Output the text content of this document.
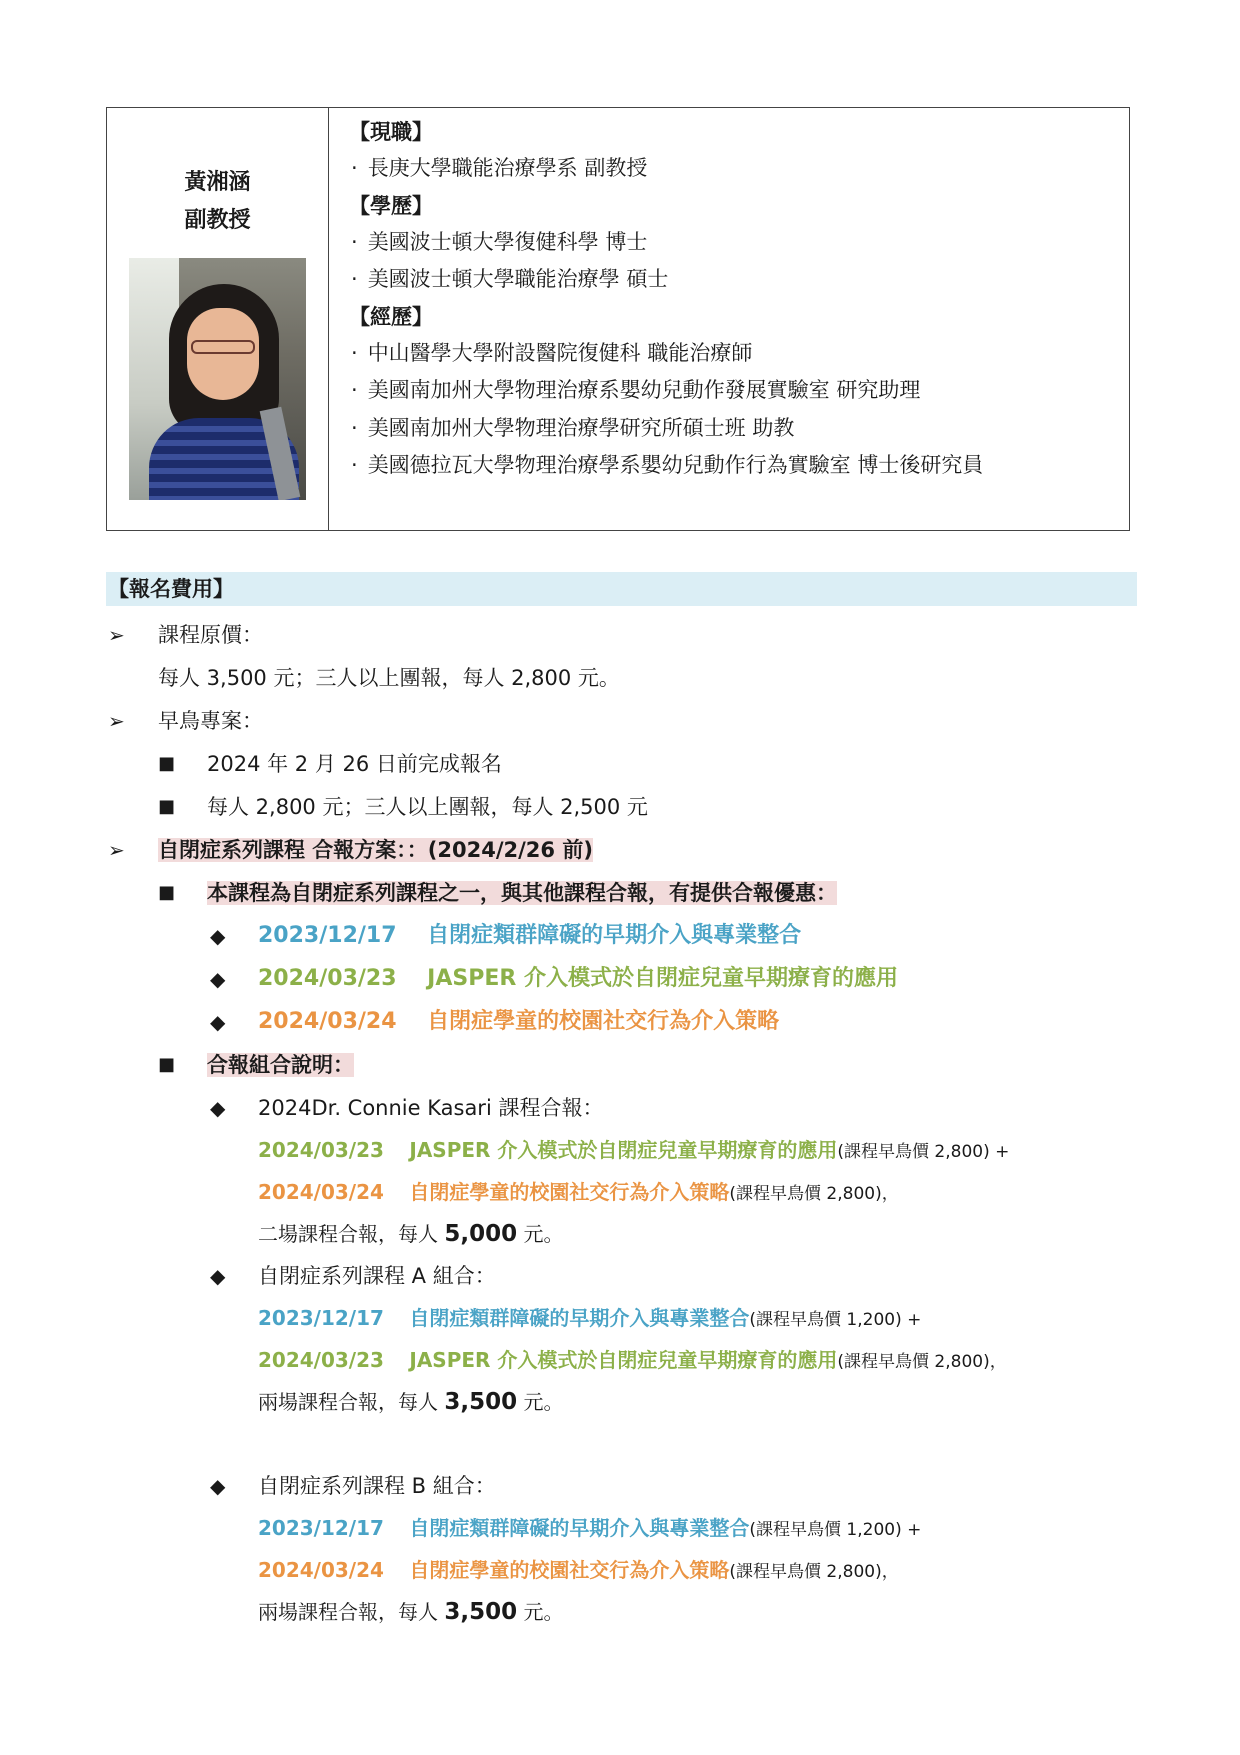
黃湘涵
副教授
【現職】
· 長庚大學職能治療學系 副教授
【學歷】
· 美國波士頓大學復健科學 博士
· 美國波士頓大學職能治療學 碩士
【經歷】
· 中山醫學大學附設醫院復健科 職能治療師
· 美國南加州大學物理治療系嬰幼兒動作發展實驗室 研究助理
· 美國南加州大學物理治療學研究所碩士班 助教
· 美國德拉瓦大學物理治療學系嬰幼兒動作行為實驗室 博士後研究員
【報名費用】
➢ 課程原價：
每人 3,500 元；三人以上團報，每人 2,800 元。
➢ 早鳥專案：
■ 2024 年 2 月 26 日前完成報名
■ 每人 2,800 元；三人以上團報，每人 2,500 元
➢ 自閉症系列課程 合報方案：：(2024/2/26 前)
■ 本課程為自閉症系列課程之一，與其他課程合報，有提供合報優惠：
◆ 2023/12/17 自閉症類群障礙的早期介入與專業整合
◆ 2024/03/23 JASPER 介入模式於自閉症兒童早期療育的應用
◆ 2024/03/24 自閉症學童的校園社交行為介入策略
■ 合報組合說明：
◆ 2024Dr. Connie Kasari 課程合報：
2024/03/23 JASPER 介入模式於自閉症兒童早期療育的應用(課程早鳥價 2,800) +
2024/03/24 自閉症學童的校園社交行為介入策略(課程早鳥價 2,800)，
二場課程合報，每人 5,000 元。
◆ 自閉症系列課程 A 組合：
2023/12/17 自閉症類群障礙的早期介入與專業整合(課程早鳥價 1,200) +
2024/03/23 JASPER 介入模式於自閉症兒童早期療育的應用(課程早鳥價 2,800)，
兩場課程合報，每人 3,500 元。
◆ 自閉症系列課程 B 組合：
2023/12/17 自閉症類群障礙的早期介入與專業整合(課程早鳥價 1,200) +
2024/03/24 自閉症學童的校園社交行為介入策略(課程早鳥價 2,800)，
兩場課程合報，每人 3,500 元。
